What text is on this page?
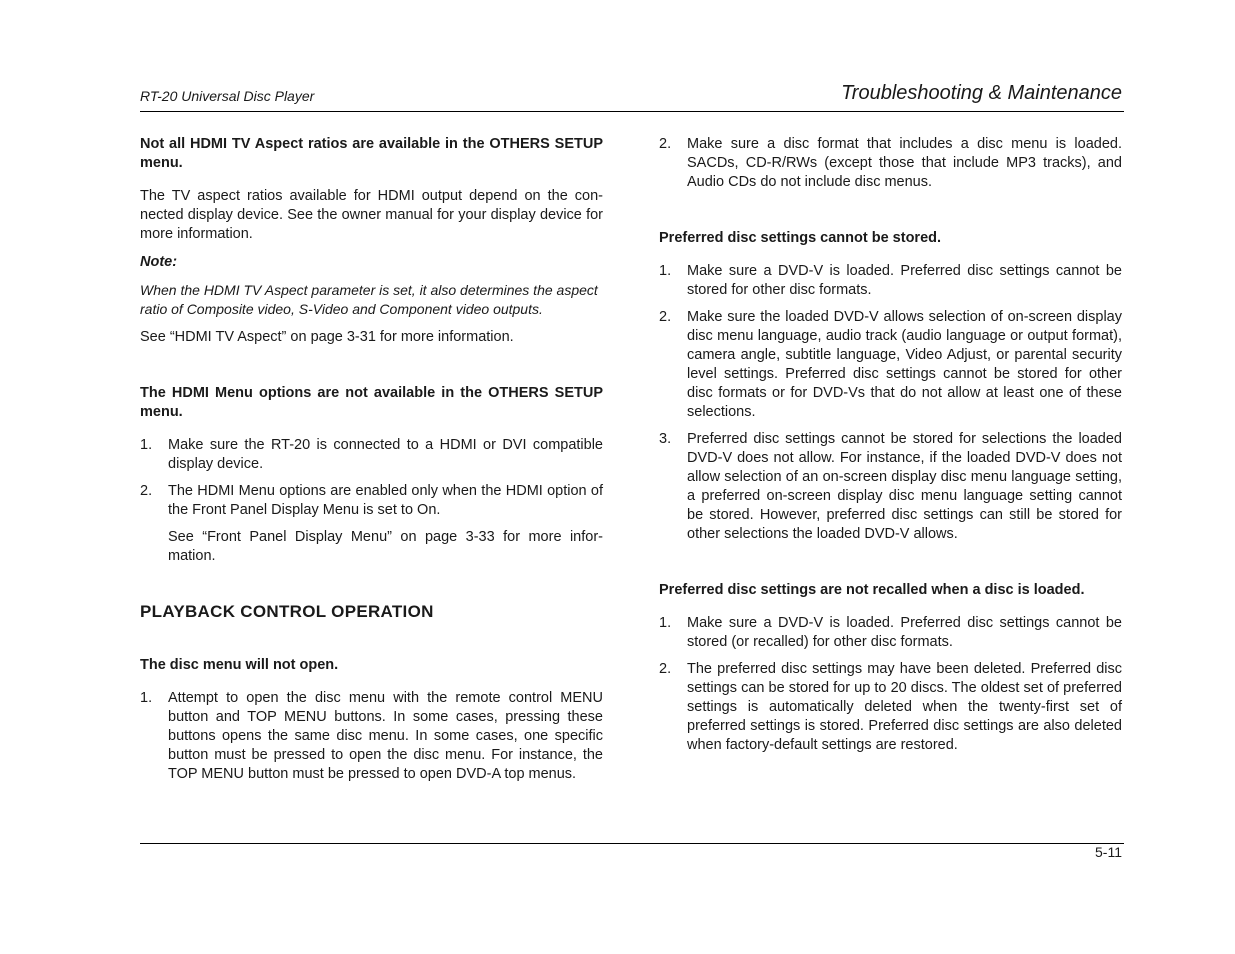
RT-20 Universal Disc Player	Troubleshooting & Maintenance

Not all HDMI TV Aspect ratios are available in the OTHERS SETUP menu.

The TV aspect ratios available for HDMI output depend on the con-nected display device. See the owner manual for your display device for more information.

Note:

When the HDMI TV Aspect parameter is set, it also determines the aspect ratio of Composite video, S-Video and Component video outputs.

See “HDMI TV Aspect” on page 3-31 for more information.

The HDMI Menu options are not available in the OTHERS SETUP menu.

1. Make sure the RT-20 is connected to a HDMI or DVI compatible display device.
2. The HDMI Menu options are enabled only when the HDMI option of the Front Panel Display Menu is set to On.

See “Front Panel Display Menu” on page 3-33 for more infor-mation.

PLAYBACK CONTROL OPERATION

The disc menu will not open.

1. Attempt to open the disc menu with the remote control MENU button and TOP MENU buttons. In some cases, pressing these buttons opens the same disc menu. In some cases, one specific button must be pressed to open the disc menu. For instance, the TOP MENU button must be pressed to open DVD-A top menus.
2. Make sure a disc format that includes a disc menu is loaded. SACDs, CD-R/RWs (except those that include MP3 tracks), and Audio CDs do not include disc menus.

Preferred disc settings cannot be stored.

1. Make sure a DVD-V is loaded. Preferred disc settings cannot be stored for other disc formats.
2. Make sure the loaded DVD-V allows selection of on-screen display disc menu language, audio track (audio language or output format), camera angle, subtitle language, Video Adjust, or parental security level settings. Preferred disc settings cannot be stored for other disc formats or for DVD-Vs that do not allow at least one of these selections.
3. Preferred disc settings cannot be stored for selections the loaded DVD-V does not allow. For instance, if the loaded DVD-V does not allow selection of an on-screen display disc menu language setting, a preferred on-screen display disc menu language setting cannot be stored. However, preferred disc settings can still be stored for other selections the loaded DVD-V allows.

Preferred disc settings are not recalled when a disc is loaded.

1. Make sure a DVD-V is loaded. Preferred disc settings cannot be stored (or recalled) for other disc formats.
2. The preferred disc settings may have been deleted. Preferred disc settings can be stored for up to 20 discs. The oldest set of preferred settings is automatically deleted when the twenty-first set of preferred settings is stored. Preferred disc settings are also deleted when factory-default settings are restored.
5-11
